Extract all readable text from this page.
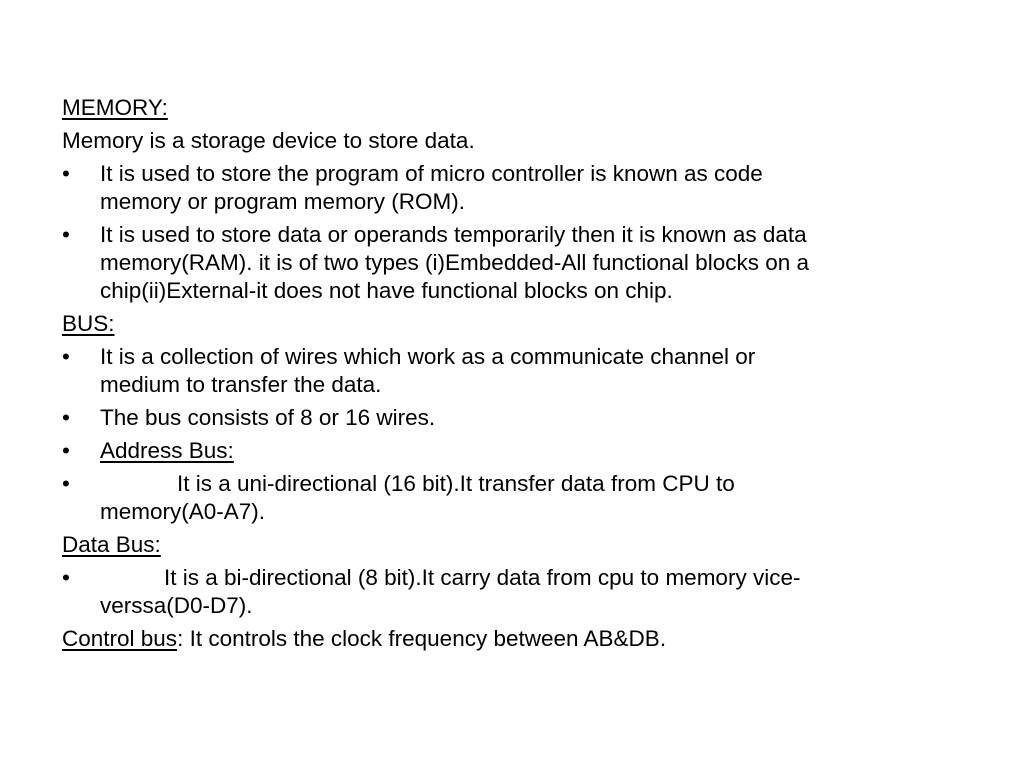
MEMORY:

Memory is a storage device to store data.

•	It is used to store the program of micro controller is known as code
memory or program memory (ROM).
•	It is used to store data or operands temporarily then it is known as data
memory(RAM). it is of two types (i)Embedded-All functional blocks on a
chip(ii)External-it does not have functional blocks on chip.

BUS:

•	It is a collection of wires which work as a communicate channel or
medium to transfer the data.
•	The bus consists of 8 or 16 wires.
•	Address Bus:
•	It is a uni-directional (16 bit).It transfer data from CPU to
memory(A0-A7).

Data Bus:

•	It is a bi-directional (8 bit).It carry data from cpu to memory vice-
verssa(D0-D7).

Control bus: It controls the clock frequency between AB&DB.
